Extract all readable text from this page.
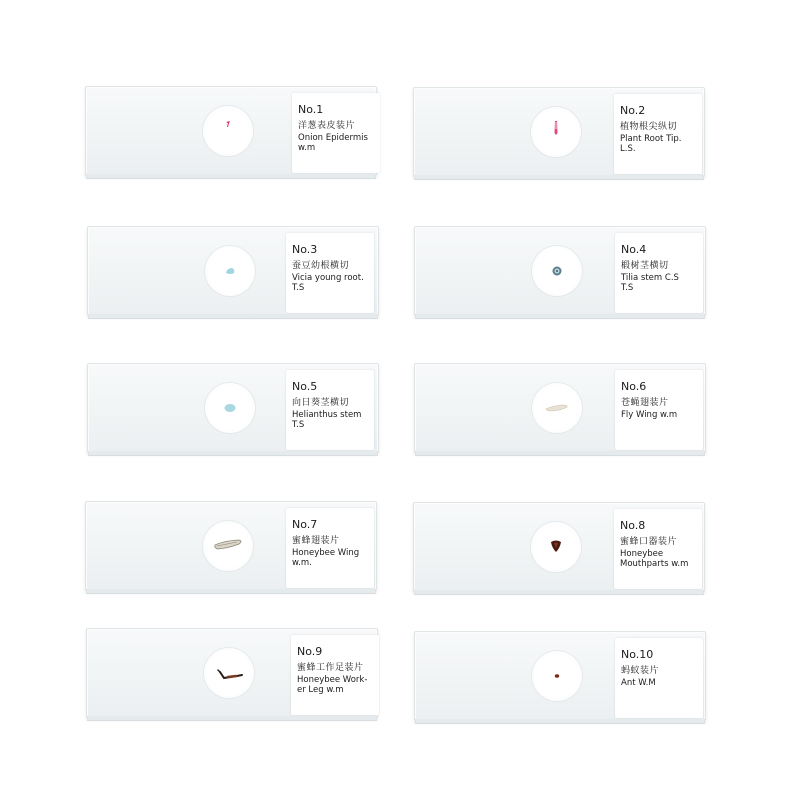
No.1
洋葱表皮装片
Onion Epidermis
w.m
No.2
植物根尖纵切
Plant Root Tip.
L.S.
No.3
蚕豆幼根横切
Vicia young root.
T.S
No.4
椴树茎横切
Tilia stem C.S
T.S
No.5
向日葵茎横切
Helianthus stem
T.S
No.6
苍蝇翅装片
Fly Wing w.m
No.7
蜜蜂翅装片
Honeybee Wing
w.m.
No.8
蜜蜂口器装片
Honeybee
Mouthparts w.m
No.9
蜜蜂工作足装片
Honeybee Work-
er Leg w.m
No.10
蚂蚁装片
Ant W.M
